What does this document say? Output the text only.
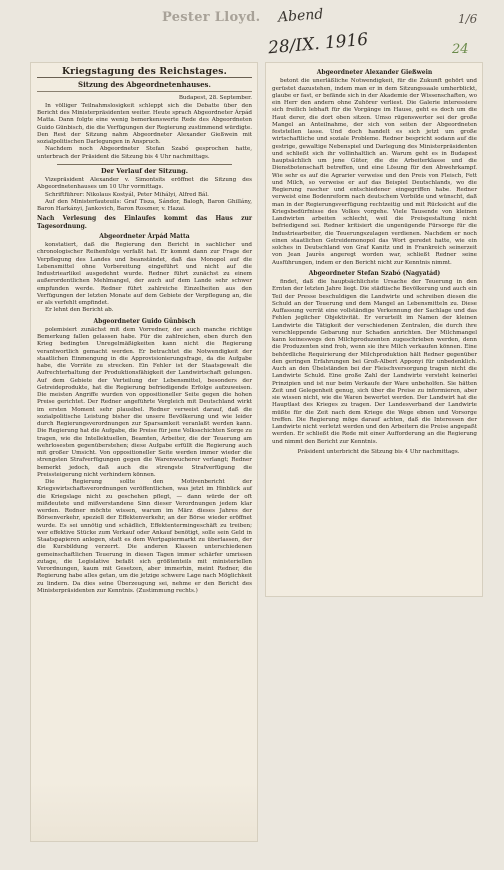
Pester Lloyd.	Abend
28/IX. 1916
1/6
24
Kriegstagung des Reichstages.
Sitzung des Abgeordnetenhauses.
Budapest, 28. September.

In völliger Teilnahmslosigkeit schleppt sich die Debatte über den Bericht des Ministerpräsidenten weiter. Heute sprach Abgeordneter Árpád Matta. Dann folgte eine wenig bemerkenswerte Rede des Abgeordneten Guido Günbisch, die die Verfügungen der Regierung zustimmend würdigte. Den Rest der Sitzung nahm Abgeordneter Alexander Gießwein mit sozialpolitischen Darlegungen in Anspruch.

Nachdem noch Abgeordneter Stefan Szabó gesprochen hatte, unterbrach der Präsident die Sitzung bis 4 Uhr nachmittags.

Der Verlauf der Sitzung.

Vizepräsident Alexander v. Simontsits eröffnet die Sitzung des Abgeordnetenhauses um 10 Uhr vormittags.

Schriftführer: Nikolaus Kostyál, Peter Mihályi, Alfred Bál.

Auf den Ministerfauteuils: Graf Tisza, Sándor, Balogh, Baron Ghillány, Baron Harkányi, Jankovich, Baron Roszner, v. Hazai.

Nach Verlesung des Einlaufes kommt das Haus zur Tagesordnung.

Abgeordneter Árpád Matta

konstatiert, daß die Regierung den Bericht in sachlicher und chronologischer Reihenfolge verfaßt hat. Er kommt dann zur Frage der Verpflegung des Landes und beanständet, daß das Monopol auf die Lebensmittel ohne Vorbereitung eingeführt und nicht auf die Industriearlikel ausgedehnt wurde. Redner führt zunächst zu einem außerordentlichen Mehlmangel, der auch auf dem Lande sehr schwer empfunden werde. Redner führt zahlreiche Einzelheiten aus den Verfügungen der letzten Monate auf dem Gebiete der Verpflegung an, die er als verfehlt empfindet.

Er lehnt den Bericht ab.

Abgeordneter Guido Günbisch

polemisiert zunächst mit dem Vorredner, der auch manche richtige Bemerkung fallen gelassen habe. Für die zahlreichen, eben durch den Krieg bedingten Unregelmäßigkeiten kann nicht die Regierung verantwortlich gemacht werden. Er betrachtet die Notwendigkeit der staatlichen Einmengung in die Approvisionierungsfrage, da die Aufgabe habe, die Vorräte zu strecken. Ein Fehler ist der Staatsgewalt die Aufrechterhaltung der Produktionsfähigkeit der Landwirtschaft gelungen. Auf dem Gebiete der Verteilung der Lebensmittel, besonders der Getreideprodukte, hat die Regierung befriedigende Erfolge aufzuweisen. Die meisten Angriffe wurden von oppositioneller Seite gegen die hohen Preise gerichtet. Der Redner angeführte Vergleich mit Deutschland wirkt im ersten Moment sehr plausibel. Redner verweist darauf, daß die sozialpolitische Leistung bisher die unsere Bevölkerung und wie leider durch Regierungsverordnungen zur Sparsamkeit veranlaßt werden kann. Die Regierung hat die Aufgabe, die Preise für jene Volksschichten Sorge zu tragen, wie die Intellektuellen, Beamten, Arbeiter, die der Teuerung am wehrlosesten gegenüberstehen; diese Aufgabe erfüllt die Regierung auch mit großer Umsicht. Von oppositioneller Seite werden immer wieder die strengsten Strafverfügungen gegen die Warenwucherer verlangt; Redner bemerkt jedoch, daß auch die strengste Strafverfügung die Preissteigerung nicht verhindern können.

Die Regierung sollte den Motivenbericht der Kriegswirtschaftsverordnungen veröffentlichen, was jetzt im Hinblick auf die Kriegslage nicht zu geschehen pflegt, — dann würde der oft mißdeutete und mißverstandene Sinn dieser Verordnungen jedem klar werden. Redner möchte wissen, warum im März dieses Jahres der Börsenverkehr, speziell der Effektenverkehr, an der Börse wieder eröffnet wurde. Es sei unnötig und schädlich, Effektentermingeschäft zu treiben; wer effektive Stücke zum Verkauf oder Ankauf benötigt, solle sein Geld in Staatspapieren anlegen, statt es dem Wertpapiermarkt zu überlassen, der die Kursbildung verzerrt. Die anderen Klassen unterschiedenen gemeinschaftlichen Teuerung in diesen Tagen immer schärfer umrissen zutage, die Legislative befaßt sich größtenteils mit ministeriellen Verordnungen, kaum mit Gesetzen, aber immerhin, meint Redner, die Regierung habe alles getan, um die jetzige schwere Lage nach Möglichkeit zu lindern. Da dies seine Überzeugung sei, nehme er den Bericht des Ministerpräsidenten zur Kenntnis. (Zustimmung rechts.)

Abgeordneter Alexander Gießwein

betont die unerläßliche Notwendigkeit, für die Zukunft gehört und gerüstet dazustehen, indem man er in dem Sitzungssaale umherblickt, glaube er fast, er befände sich in der Akademie der Wissenschaften, wo ein Herr den andern ohne Zuhörer verliest. Die Galerie interessiere sich freilich lebhaft für die Vorgänge im Hause, geht es doch um die Haut derer, die dort oben sitzen. Umso rügenswerter sei der große Mangel an Anteilnahme, der sich von seiten der Abgeordneten feststellen lasse. Und doch handelt es sich jetzt um große wirtschaftliche und soziale Probleme. Redner bespricht sodann auf die gestrige, gewaltige Nebenspiel und Darlegung des Ministerpräsidenten und schließt sich ihr vollinhaltlich an. Warum geht es in Budapest hauptsächlich um jene Güter, die die Arbeiterklasse und die Dienstbotenschaft betreffen, und eine Lösung für den Abwehrkampf. Wie sehr es auf die Agrarier verweise und den Preis von Fleisch, Fett und Milch, so verweise er auf das Beispiel Deutschlands, wo die Regierung rascher und entschiedener eingegriffen habe. Redner verweist eine Bodenreform nach deutschem Vorbilde und wünscht, daß man in der Regierungsverfügung rechtzeitig und mit Rücksicht auf die Kriegsbedürfnisse des Volkes vorgehe. Viele Tausende von kleinen Landwirten arbeiten schlecht, weil die Preisgestaltung nicht befriedigend sei. Redner kritisiert die ungenügende Fürsorge für die Industriearbeiter, die Teuerungszulagen verdienen. Nachdem er noch einen staatlichen Getreidemonopol das Wort geredet hatte, wie ein solches in Deutschland von Graf Kanitz und in Frankreich seinerzeit von Jean Jaurès angeregt worden war, schließt Redner seine Ausführungen, indem er den Bericht nicht zur Kenntnis nimmt.

Abgeordneter Stefan Szabó (Nagyatád)

findet, daß die hauptsächlichste Ursache der Teuerung in den Ernten der letzten Jahre liegt. Die städtische Bevölkerung und auch ein Teil der Presse beschuldigen die Landwirte und schreiben diesen die Schuld an der Teuerung und dem Mangel an Lebensmitteln zu. Diese Auffassung verrät eine vollständige Verkennung der Sachlage und das Fehlen jeglicher Objektivität. Er verurteilt im Namen der kleinen Landwirte die Tätigkeit der verschiedenen Zentralen, die durch ihre verschleppende Gebarung nur Schaden anrichten. Der Milchmangel kann keineswegs den Milchproduzenten zugeschrieben werden, denn die Produzenten sind froh, wenn sie ihre Milch verkaufen können. Eine behördliche Requirierung der Milchproduktion hält Redner gegenüber den geringen Erfahrungen bei Groß-Albert Apponyi für unbedenklich. Auch an den Übelständen bei der Fleischversorgung tragen nicht die Landwirte Schuld. Eine große Zahl der Landwirte versteht keinerlei Prinzipien und ist nur beim Verkaufe der Ware unbeholfen. Sie hätten Zeit und Gelegenheit genug, sich über die Preise zu informieren, aber sie wissen nicht, wie die Waren bewertet werden. Der Landwirt hat die Hauptlast des Krieges zu tragen. Der Landesverband der Landwirte müßte für die Zeit nach dem Kriege die Wege ebnen und Vorsorge treffen. Die Regierung möge darauf achten, daß die Interessen der Landwirte nicht verletzt werden und den Arbeitern die Preise angepaßt werden. Er schließt die Rede mit einer Aufforderung an die Regierung und nimmt den Bericht zur Kenntnis.

Präsident unterbricht die Sitzung bis 4 Uhr nachmittags.
